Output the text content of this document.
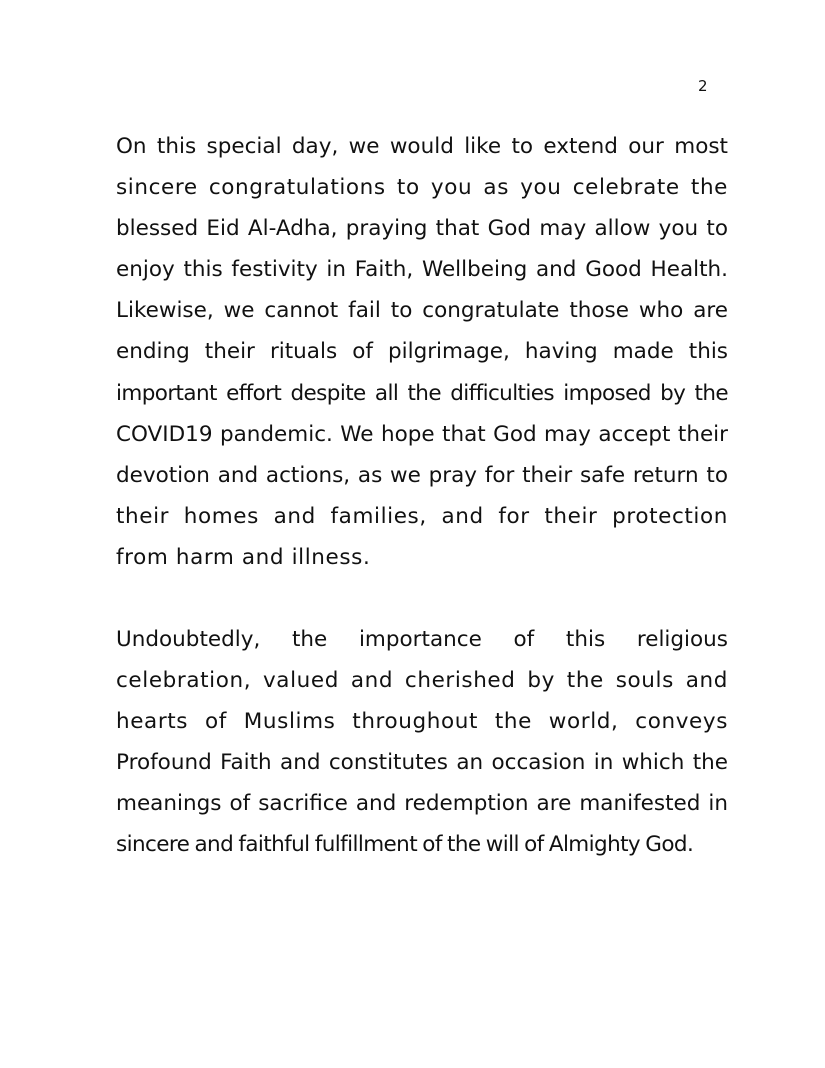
2
On this special day, we would like to extend our most
sincere congratulations to you as you celebrate the
blessed Eid Al-Adha, praying that God may allow you to
enjoy this festivity in Faith, Wellbeing and Good Health.
Likewise, we cannot fail to congratulate those who are
ending their rituals of pilgrimage, having made this
important effort despite all the difficulties imposed by the
COVID19 pandemic. We hope that God may accept their
devotion and actions, as we pray for their safe return to
their homes and families, and for their protection
from harm and illness.
Undoubtedly, the importance of this religious
celebration, valued and cherished by the souls and
hearts of Muslims throughout the world, conveys
Profound Faith and constitutes an occasion in which the
meanings of sacrifice and redemption are manifested in
sincere and faithful fulfillment of the will of Almighty God.
